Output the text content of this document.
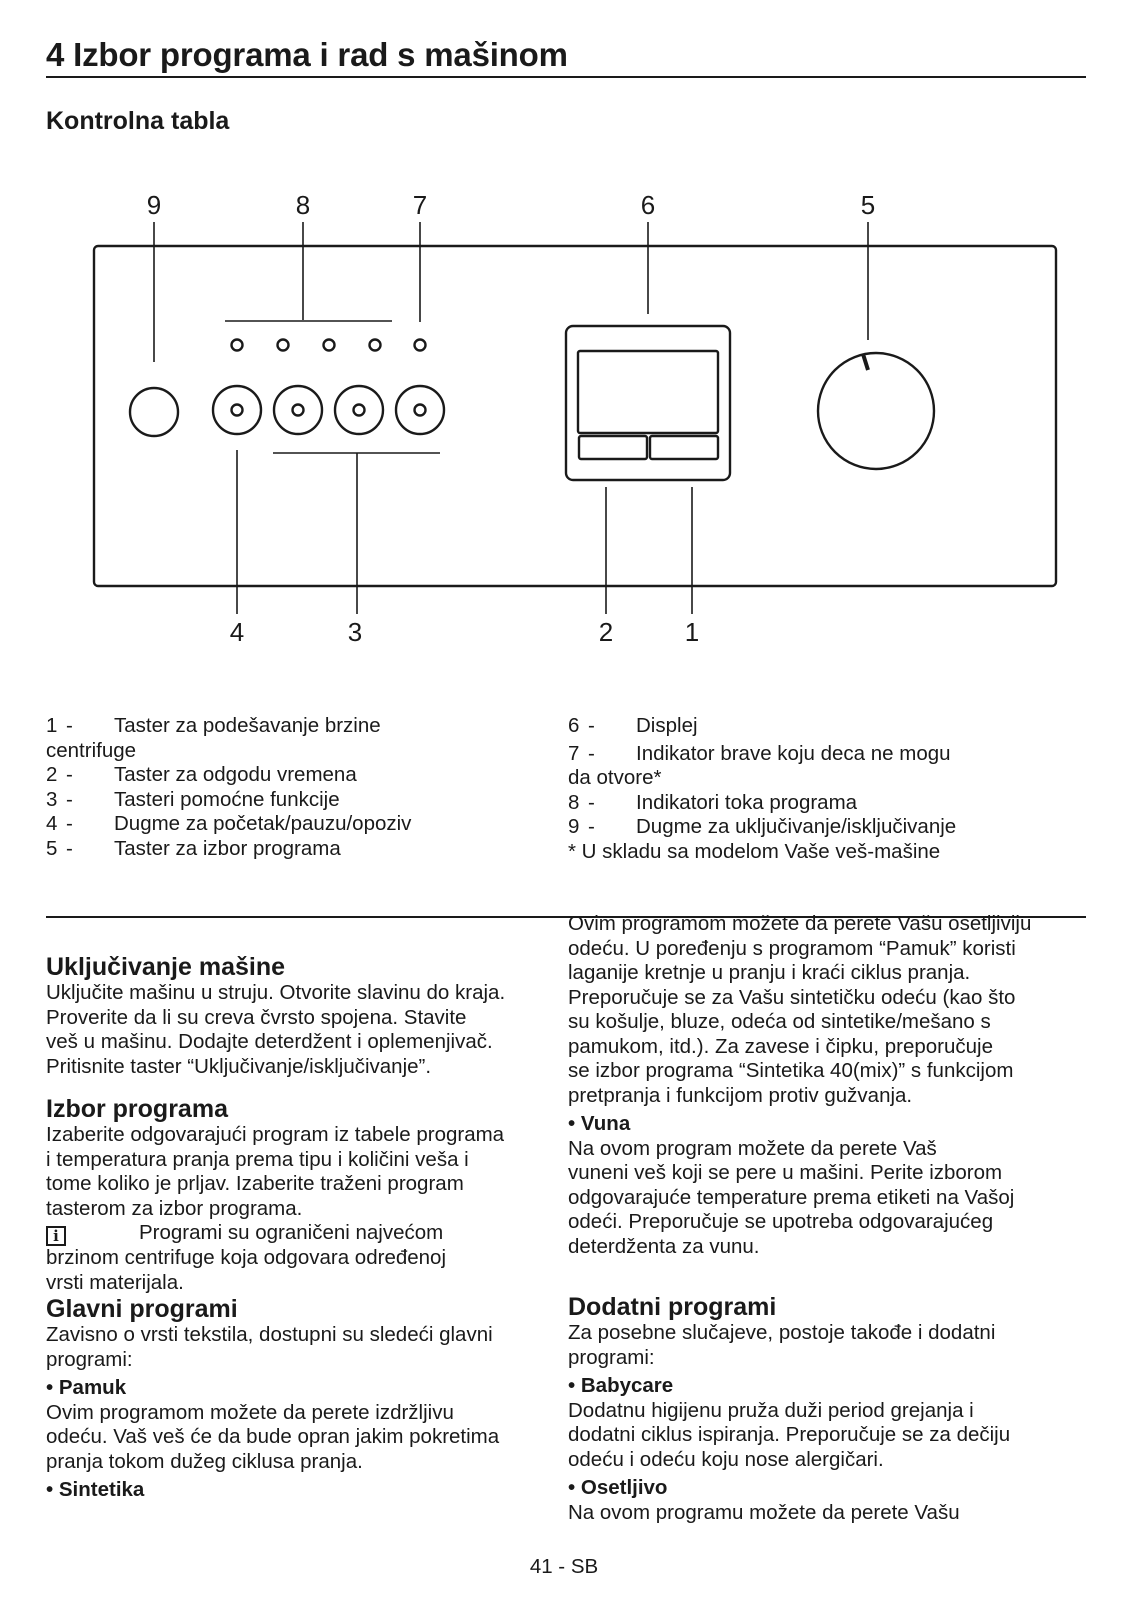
4 Izbor programa i rad s mašinom
Kontrolna tabla
9	8	7	6	5
4	3	2	1
1 -	Taster za podešavanje brzine
centrifuge
2 -	Taster za odgodu vremena
3 -	Tasteri pomoćne funkcije
4 -	Dugme za početak/pauzu/opoziv
5 -	Taster za izbor programa
6 -	Displej
7 -	Indikator brave koju deca ne mogu
da otvore*
8 -	Indikatori toka programa
9 -	Dugme za uključivanje/isključivanje
* U skladu sa modelom Vaše veš-mašine
Uključivanje mašine
Uključite mašinu u struju. Otvorite slavinu do kraja.
Proverite da li su creva čvrsto spojena. Stavite
veš u mašinu. Dodajte deterdžent i oplemenjivač.
Pritisnite taster “Uključivanje/isključivanje”.
Izbor programa
Izaberite odgovarajući program iz tabele programa
i temperatura pranja prema tipu i količini veša i
tome koliko je prljav. Izaberite traženi program
tasterom za izbor programa.
i	Programi su ograničeni najvećom
brzinom centrifuge koja odgovara određenoj
vrsti materijala.
Glavni programi
Zavisno o vrsti tekstila, dostupni su sledeći glavni
programi:
• Pamuk
Ovim programom možete da perete izdržljivu
odeću. Vaš veš će da bude opran jakim pokretima
pranja tokom dužeg ciklusa pranja.
• Sintetika
Ovim programom možete da perete Vašu osetljiviju
odeću. U poređenju s programom “Pamuk” koristi
laganije kretnje u pranju i kraći ciklus pranja.
Preporučuje se za Vašu sintetičku odeću (kao što
su košulje, bluze, odeća od sintetike/mešano s
pamukom, itd.). Za zavese i čipku, preporučuje
se izbor programa “Sintetika 40(mix)” s funkcijom
pretpranja i funkcijom protiv gužvanja.
• Vuna
Na ovom program možete da perete Vaš
vuneni veš koji se pere u mašini. Perite izborom
odgovarajuće temperature prema etiketi na Vašoj
odeći. Preporučuje se upotreba odgovarajućeg
deterdženta za vunu.
Dodatni programi
Za posebne slučajeve, postoje takođe i dodatni
programi:
• Babycare
Dodatnu higijenu pruža duži period grejanja i
dodatni ciklus ispiranja. Preporučuje se za dečiju
odeću i odeću koju nose alergičari.
• Osetljivo
Na ovom programu možete da perete Vašu
41 - SB
